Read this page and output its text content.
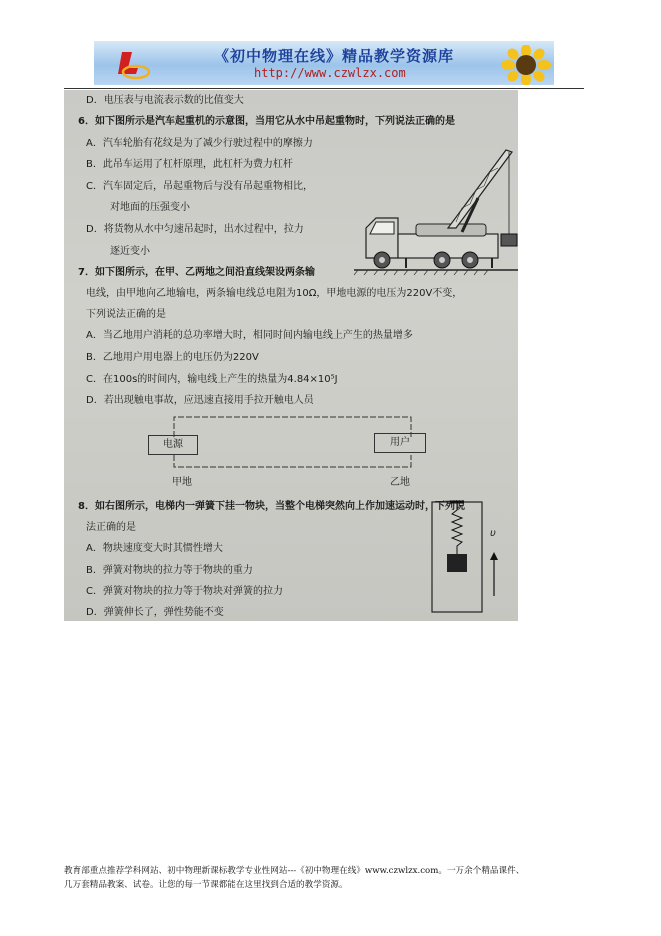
《初中物理在线》精品教学资源库
http://www.czwlzx.com
D．电压表与电流表示数的比值变大
6．如下图所示是汽车起重机的示意图，当用它从水中吊起重物时，下列说法正确的是
A．汽车轮胎有花纹是为了减少行驶过程中的摩擦力
B．此吊车运用了杠杆原理，此杠杆为费力杠杆
C．汽车固定后，吊起重物后与没有吊起重物相比，
对地面的压强变小
D．将货物从水中匀速吊起时，出水过程中，拉力
逐近变小
7．如下图所示，在甲、乙两地之间沿直线架设两条输
电线，由甲地向乙地输电，两条输电线总电阻为10Ω，甲地电源的电压为220V不变，
下列说法正确的是
A．当乙地用户消耗的总功率增大时，相同时间内输电线上产生的热量增多
B．乙地用户用电器上的电压仍为220V
C．在100s的时间内，输电线上产生的热量为4.84×10⁵J
D．若出现触电事故，应迅速直接用手拉开触电人员
电源	用户
甲地	乙地
8．如右图所示，电梯内一弹簧下挂一物块，当整个电梯突然向上作加速运动时，下列说
法正确的是
A．物块速度变大时其惯性增大
B．弹簧对物块的拉力等于物块的重力
C．弹簧对物块的拉力等于物块对弹簧的拉力
D．弹簧伸长了，弹性势能不变
υ
教育部重点推荐学科网站、初中物理新课标教学专业性网站---《初中物理在线》www.czwlzx.com。一万余个精品课件、
几万套精品教案、试卷。让您的每一节课都能在这里找到合适的教学资源。
